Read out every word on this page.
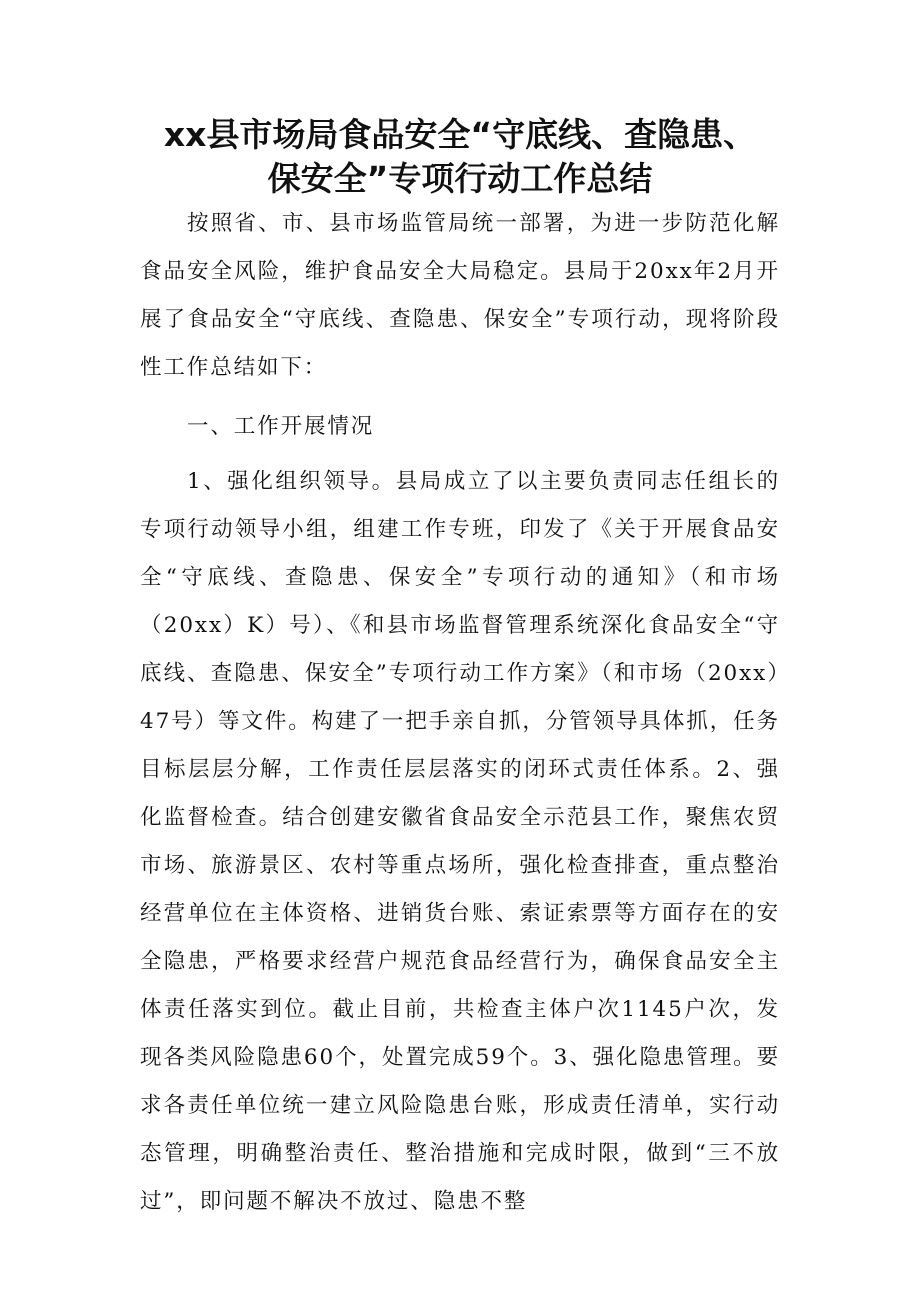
xx县市场局食品安全“守底线、查隐患、
保安全”专项行动工作总结

按照省、市、县市场监管局统一部署，为进一步防范化解食品安全风险，维护食品安全大局稳定。县局于20xx年2月开展了食品安全“守底线、查隐患、保安全”专项行动，现将阶段性工作总结如下：

一、工作开展情况

1、强化组织领导。县局成立了以主要负责同志任组长的专项行动领导小组，组建工作专班，印发了《关于开展食品安全“守底线、查隐患、保安全”专项行动的通知》（和市场（20xx）K）号）、《和县市场监督管理系统深化食品安全“守底线、查隐患、保安全”专项行动工作方案》（和市场（20xx）47号）等文件。构建了一把手亲自抓，分管领导具体抓，任务目标层层分解，工作责任层层落实的闭环式责任体系。2、强化监督检查。结合创建安徽省食品安全示范县工作，聚焦农贸市场、旅游景区、农村等重点场所，强化检查排查，重点整治经营单位在主体资格、进销货台账、索证索票等方面存在的安全隐患，严格要求经营户规范食品经营行为，确保食品安全主体责任落实到位。截止目前，共检查主体户次1145户次，发现各类风险隐患60个，处置完成59个。3、强化隐患管理。要求各责任单位统一建立风险隐患台账，形成责任清单，实行动态管理，明确整治责任、整治措施和完成时限，做到“三不放过”，即问题不解决不放过、隐患不整
